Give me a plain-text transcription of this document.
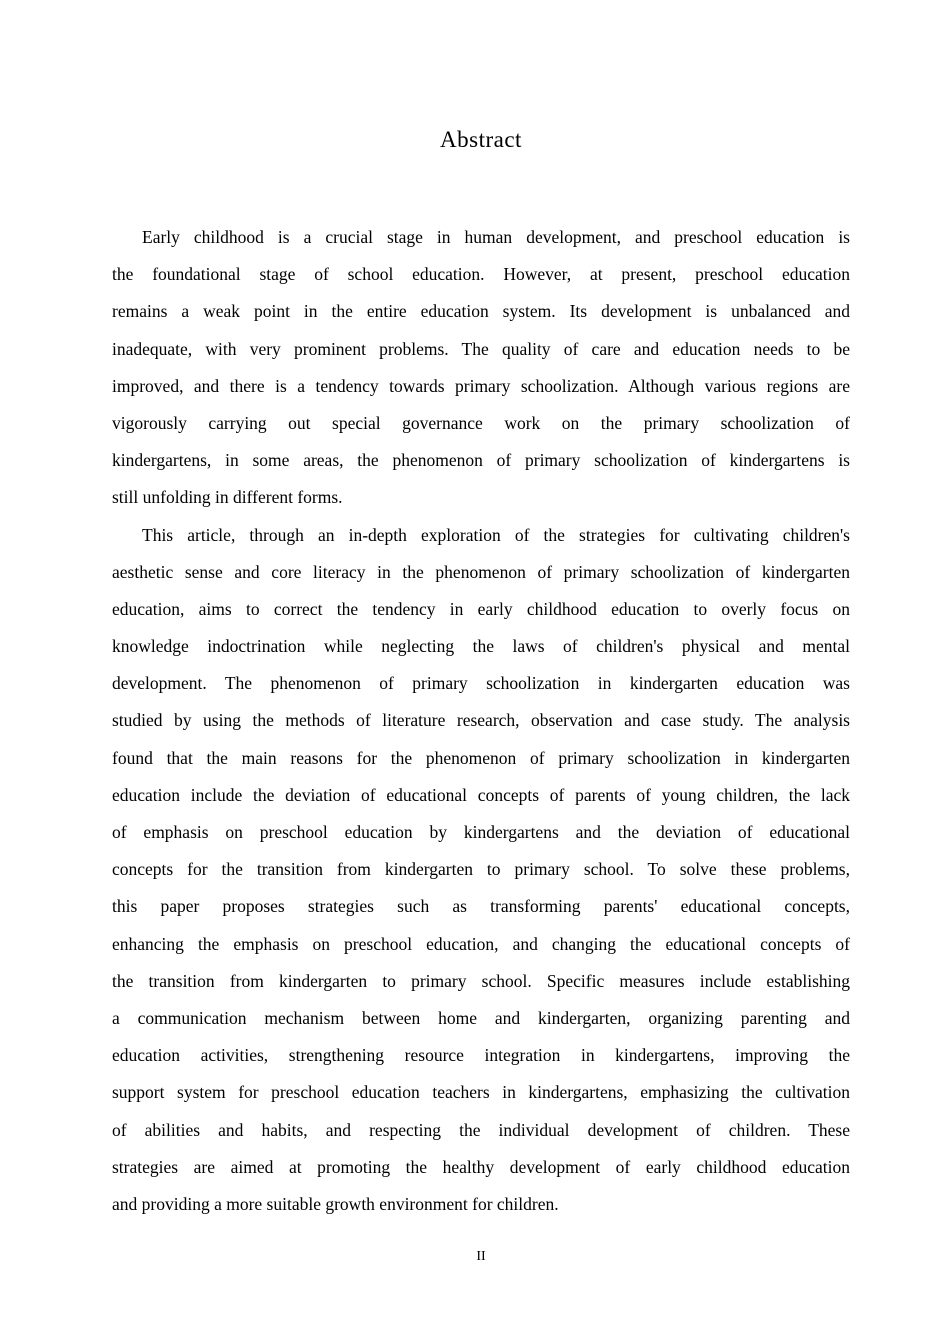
Abstract
Early childhood is a crucial stage in human development, and preschool education is
the foundational stage of school education. However, at present, preschool education
remains a weak point in the entire education system. Its development is unbalanced and
inadequate, with very prominent problems. The quality of care and education needs to be
improved, and there is a tendency towards primary schoolization. Although various regions are
vigorously carrying out special governance work on the primary schoolization of
kindergartens, in some areas, the phenomenon of primary schoolization of kindergartens is
still unfolding in different forms.
This article, through an in-depth exploration of the strategies for cultivating children's
aesthetic sense and core literacy in the phenomenon of primary schoolization of kindergarten
education, aims to correct the tendency in early childhood education to overly focus on
knowledge indoctrination while neglecting the laws of children's physical and mental
development. The phenomenon of primary schoolization in kindergarten education was
studied by using the methods of literature research, observation and case study. The analysis
found that the main reasons for the phenomenon of primary schoolization in kindergarten
education include the deviation of educational concepts of parents of young children, the lack
of emphasis on preschool education by kindergartens and the deviation of educational
concepts for the transition from kindergarten to primary school. To solve these problems,
this paper proposes strategies such as transforming parents' educational concepts,
enhancing the emphasis on preschool education, and changing the educational concepts of
the transition from kindergarten to primary school. Specific measures include establishing
a communication mechanism between home and kindergarten, organizing parenting and
education activities, strengthening resource integration in kindergartens, improving the
support system for preschool education teachers in kindergartens, emphasizing the cultivation
of abilities and habits, and respecting the individual development of children. These
strategies are aimed at promoting the healthy development of early childhood education
and providing a more suitable growth environment for children.
II
